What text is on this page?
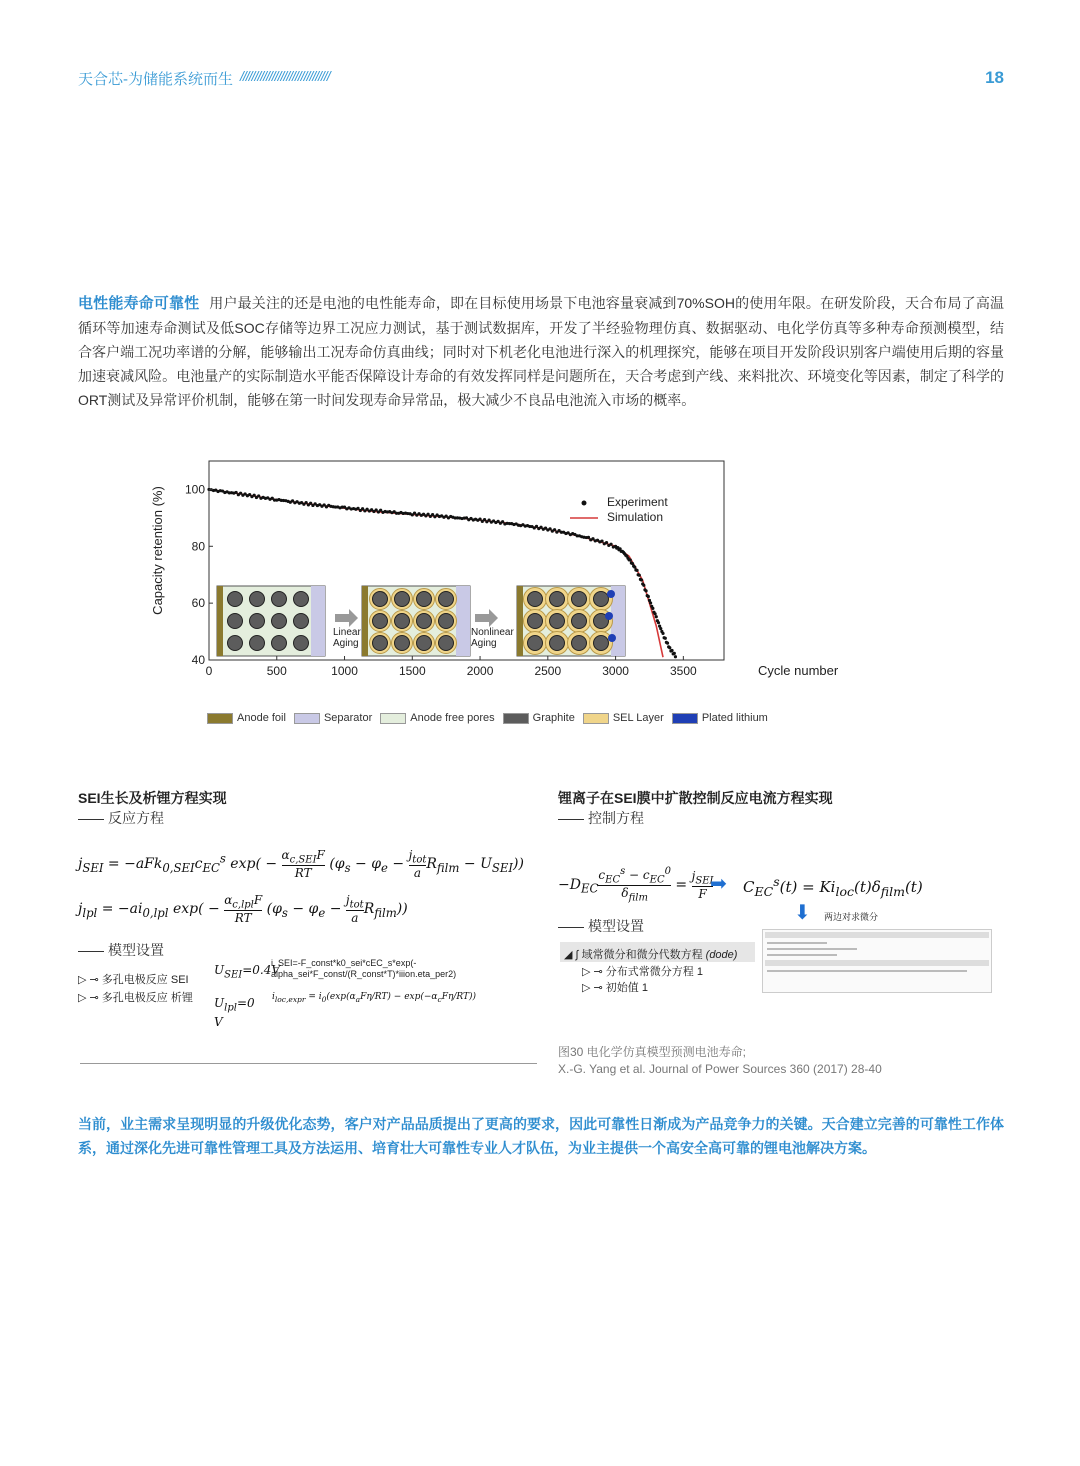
天合芯-为储能系统而生 ///////////////////////////////	18
电性能寿命可靠性 用户最关注的还是电池的电性能寿命，即在目标使用场景下电池容量衰减到70%SOH的使用年限。在研发阶段，天合布局了高温循环等加速寿命测试及低SOC存储等边界工况应力测试，基于测试数据库，开发了半经验物理仿真、数据驱动、电化学仿真等多种寿命预测模型，结合客户端工况功率谱的分解，能够输出工况寿命仿真曲线；同时对下机老化电池进行深入的机理探究，能够在项目开发阶段识别客户端使用后期的容量加速衰减风险。电池量产的实际制造水平能否保障设计寿命的有效发挥同样是问题所在，天合考虑到产线、来料批次、环境变化等因素，制定了科学的ORT测试及异常评价机制，能够在第一时间发现寿命异常品，极大减少不良品电池流入市场的概率。
Linear
Aging
Nonlinear
Aging
0	500	1000	1500	2000	2500	3000	3500
40
60
80
100
Experiment
Simulation
Capacity retention (%)
Cycle number
Anode foil	Separator	Anode free pores	Graphite	SEL Layer	Plated lithium
SEI生长及析锂方程实现
反应方程
$j_{SEI} = -aFk_{0,SEI}c_{EC}^s$ exp( −
$\alpha_{c,SEI}F$
RT
($\varphi_s - \varphi_e$ −
$j_{tot}$
a
$R_{film} - U_{SEI}$))
$j_{lpl} = -ai_{0,lpl}$ exp( −
$\alpha_{c,lpl}F$
RT
($\varphi_s - \varphi_e$ −
$j_{tot}$
a
$R_{film}$))
模型设置
▷ ⊸ 多孔电极反应 SEI
▷ ⊸ 多孔电极反应 析锂
$U_{SEI}=0.4V$
i_SEI=-F_const*k0_sei*cEC_s*exp(-alpha_sei*F_const/(R_const*T)*iiion.eta_per2)
$U_{lpl}=0$
V
$i_{loc,expr} = i_0(\exp(\alpha_aF\eta/RT) - \exp(-\alpha_cF\eta/RT))$
锂离子在SEI膜中扩散控制反应电流方程实现
控制方程
$-D_{EC}$
$c_{EC}^s - c_{EC}^0$
$\delta_{film}$
=
$j_{SEI}$
F ➡ $C_{EC}^s(t) = Ki_{loc}(t)\delta_{film}(t)$
⬇ 两边对求微分
模型设置
◢ ∫ 域常微分和微分代数方程 (dode)
▷ ⊸ 分布式常微分方程 1
▷ ⊸ 初始值 1
图30 电化学仿真模型预测电池寿命;
X.-G. Yang et al. Journal of Power Sources 360 (2017) 28-40
当前，业主需求呈现明显的升级优化态势，客户对产品品质提出了更高的要求，因此可靠性日渐成为产品竞争力的关键。天合建立完善的可靠性工作体系，通过深化先进可靠性管理工具及方法运用、培育壮大可靠性专业人才队伍，为业主提供一个高安全高可靠的锂电池解决方案。
